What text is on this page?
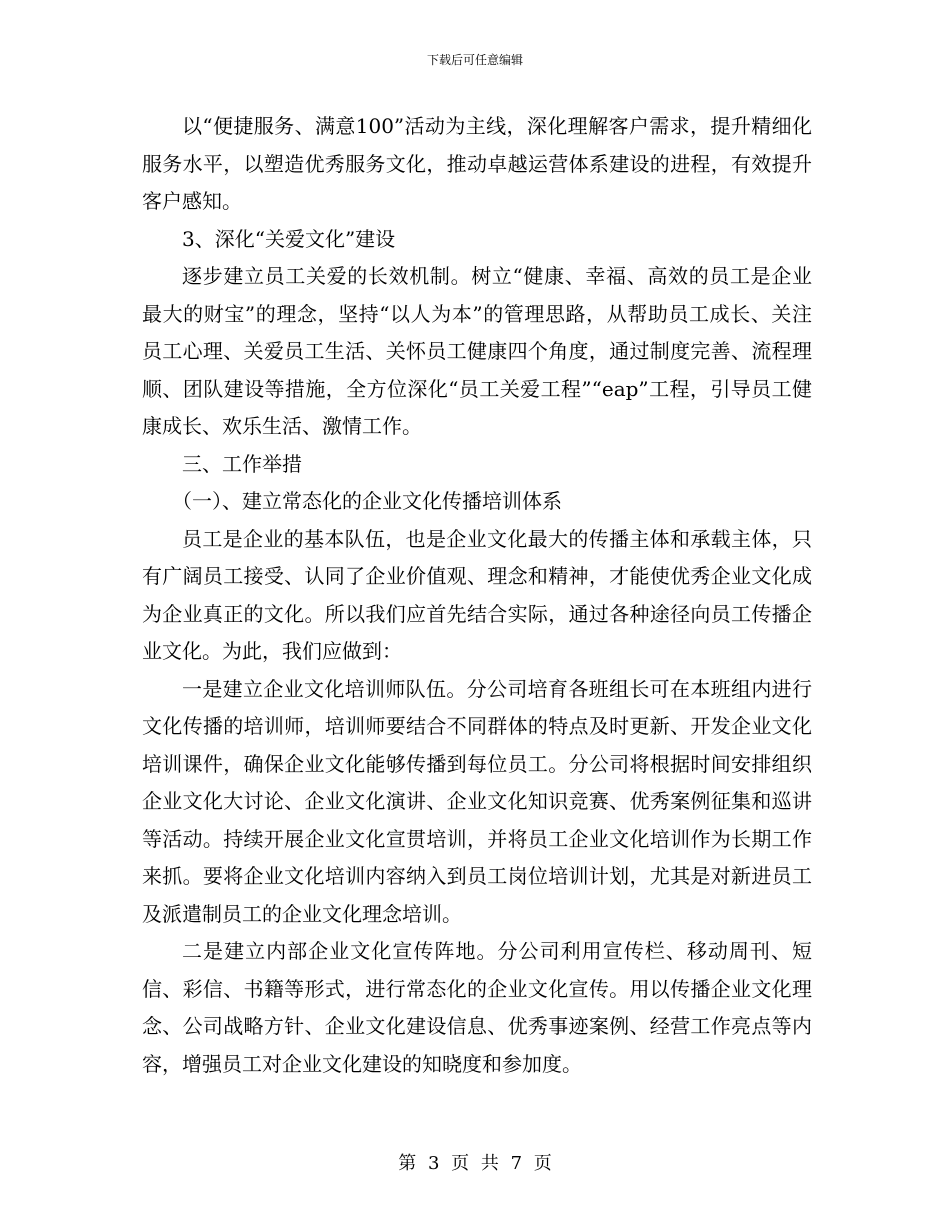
下载后可任意编辑

以“便捷服务、满意100”活动为主线，深化理解客户需求，提升精细化服务水平，以塑造优秀服务文化，推动卓越运营体系建设的进程，有效提升客户感知。

3、深化“关爱文化”建设

逐步建立员工关爱的长效机制。树立“健康、幸福、高效的员工是企业最大的财宝”的理念，坚持“以人为本”的管理思路，从帮助员工成长、关注员工心理、关爱员工生活、关怀员工健康四个角度，通过制度完善、流程理顺、团队建设等措施，全方位深化“员工关爱工程”“eap”工程，引导员工健康成长、欢乐生活、激情工作。

三、工作举措

（一）、建立常态化的企业文化传播培训体系

员工是企业的基本队伍，也是企业文化最大的传播主体和承载主体，只有广阔员工接受、认同了企业价值观、理念和精神，才能使优秀企业文化成为企业真正的文化。所以我们应首先结合实际，通过各种途径向员工传播企业文化。为此，我们应做到：

一是建立企业文化培训师队伍。分公司培育各班组长可在本班组内进行文化传播的培训师，培训师要结合不同群体的特点及时更新、开发企业文化培训课件，确保企业文化能够传播到每位员工。分公司将根据时间安排组织企业文化大讨论、企业文化演讲、企业文化知识竞赛、优秀案例征集和巡讲等活动。持续开展企业文化宣贯培训，并将员工企业文化培训作为长期工作来抓。要将企业文化培训内容纳入到员工岗位培训计划，尤其是对新进员工及派遣制员工的企业文化理念培训。

二是建立内部企业文化宣传阵地。分公司利用宣传栏、移动周刊、短信、彩信、书籍等形式，进行常态化的企业文化宣传。用以传播企业文化理念、公司战略方针、企业文化建设信息、优秀事迹案例、经营工作亮点等内容，增强员工对企业文化建设的知晓度和参加度。

第 3 页 共 7 页
